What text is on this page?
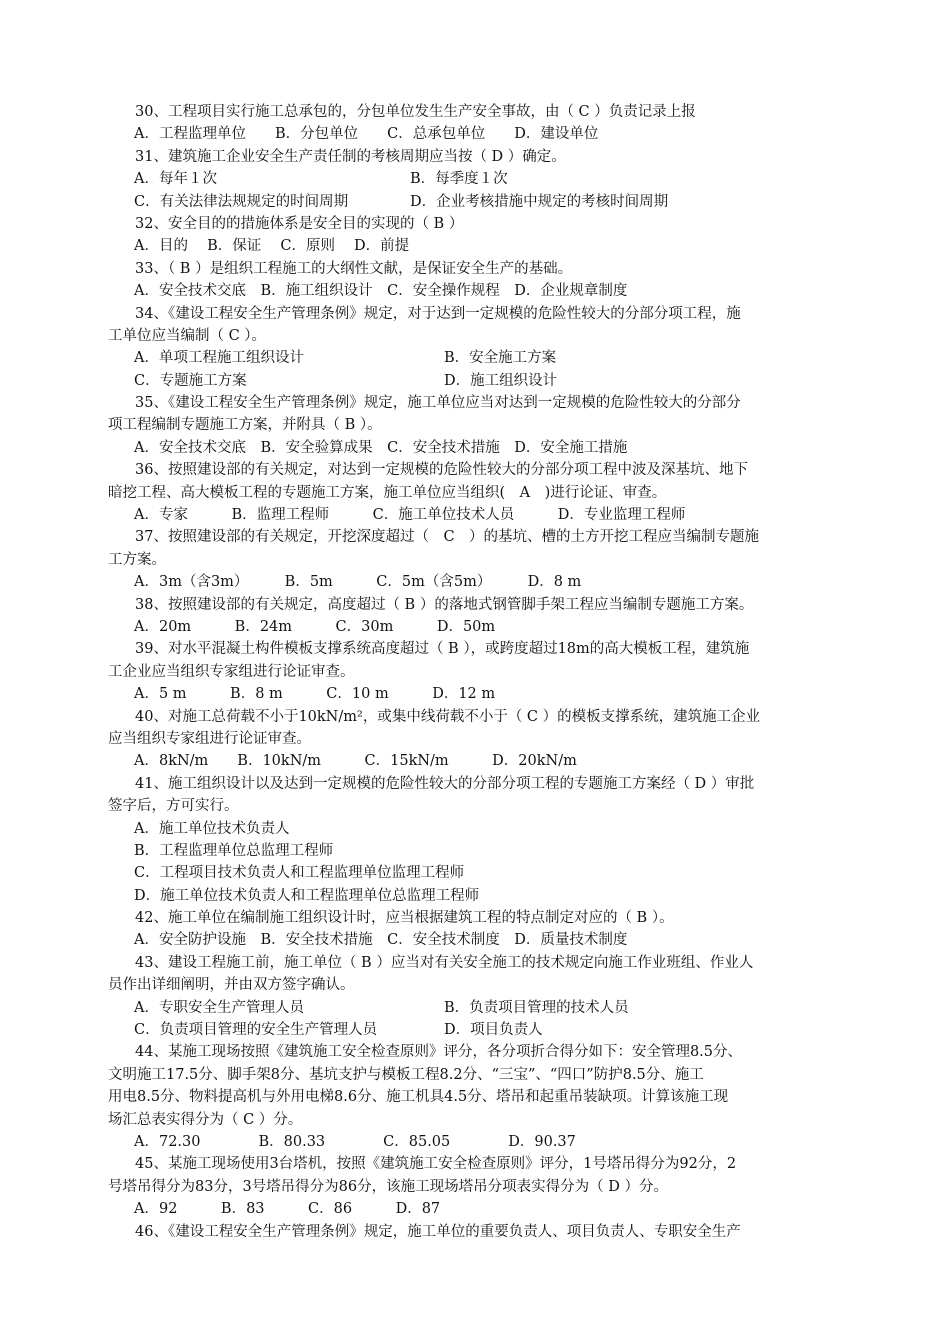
30、工程项目实行施工总承包的，分包单位发生生产安全事故，由（ C ）负责记录上报
A．工程监理单位　　B．分包单位　　C．总承包单位　　D．建设单位
31、建筑施工企业安全生产责任制的考核周期应当按（ D ）确定。
A．每年１次	B．每季度１次
C．有关法律法规规定的时间周期	D．企业考核措施中规定的考核时间周期
32、安全目的的措施体系是安全目的实现的（ B ）
A．目的　 B．保证　 C．原则　 D．前提
33、（ B ）是组织工程施工的大纲性文献，是保证安全生产的基础。
A．安全技术交底　B．施工组织设计　C．安全操作规程　D．企业规章制度
34、《建设工程安全生产管理条例》规定，对于达到一定规模的危险性较大的分部分项工程，施
工单位应当编制（ C ）。
A．单项工程施工组织设计	B．安全施工方案
C．专题施工方案	D．施工组织设计
35、《建设工程安全生产管理条例》规定，施工单位应当对达到一定规模的危险性较大的分部分
项工程编制专题施工方案，并附具（ B ）。
A．安全技术交底　B．安全验算成果　C．安全技术措施　D．安全施工措施
36、按照建设部的有关规定，对达到一定规模的危险性较大的分部分项工程中波及深基坑、地下
暗挖工程、高大模板工程的专题施工方案，施工单位应当组织(　A　)进行论证、审查。
A．专家　　　B．监理工程师　　　C．施工单位技术人员　　　D．专业监理工程师
37、按照建设部的有关规定，开挖深度超过（　C　）的基坑、槽的土方开挖工程应当编制专题施
工方案。
A．3m（含3m）　　　B．5m　　　C．5m（含5m）　　　D．8 m
38、按照建设部的有关规定，高度超过（ B ）的落地式钢管脚手架工程应当编制专题施工方案。
A．20m　　　B．24m　　　C．30m　　　D．50m
39、对水平混凝土构件模板支撑系统高度超过（ B ），或跨度超过18m的高大模板工程，建筑施
工企业应当组织专家组进行论证审查。
A．5 m　　　B．8 m　　　C．10 m　　　D．12 m
40、对施工总荷载不小于10kN/m²，或集中线荷载不小于（ C ）的模板支撑系统，建筑施工企业
应当组织专家组进行论证审查。
A．8kN/m　　B．10kN/m　　　C．15kN/m　　　D．20kN/m
41、施工组织设计以及达到一定规模的危险性较大的分部分项工程的专题施工方案经（ D ）审批
签字后，方可实行。
A．施工单位技术负责人
B．工程监理单位总监理工程师
C．工程项目技术负责人和工程监理单位监理工程师
D．施工单位技术负责人和工程监理单位总监理工程师
42、施工单位在编制施工组织设计时，应当根据建筑工程的特点制定对应的（ B ）。
A．安全防护设施　B．安全技术措施　C．安全技术制度　D．质量技术制度
43、建设工程施工前，施工单位（ B ）应当对有关安全施工的技术规定向施工作业班组、作业人
员作出详细阐明，并由双方签字确认。
A．专职安全生产管理人员	B．负责项目管理的技术人员
C．负责项目管理的安全生产管理人员	D．项目负责人
44、某施工现场按照《建筑施工安全检查原则》评分，各分项折合得分如下：安全管理8.5分、
文明施工17.5分、脚手架8分、基坑支护与模板工程8.2分、“三宝”、“四口”防护8.5分、施工
用电8.5分、物料提高机与外用电梯8.6分、施工机具4.5分、塔吊和起重吊装缺项。计算该施工现
场汇总表实得分为（ C ）分。
A．72.30　　　　B．80.33　　　　C．85.05　　　　D．90.37
45、某施工现场使用3台塔机，按照《建筑施工安全检查原则》评分，1号塔吊得分为92分，2
号塔吊得分为83分，3号塔吊得分为86分，该施工现场塔吊分项表实得分为（ D ）分。
A．92　　　B．83　　　C．86　　　D．87
46、《建设工程安全生产管理条例》规定，施工单位的重要负责人、项目负责人、专职安全生产
